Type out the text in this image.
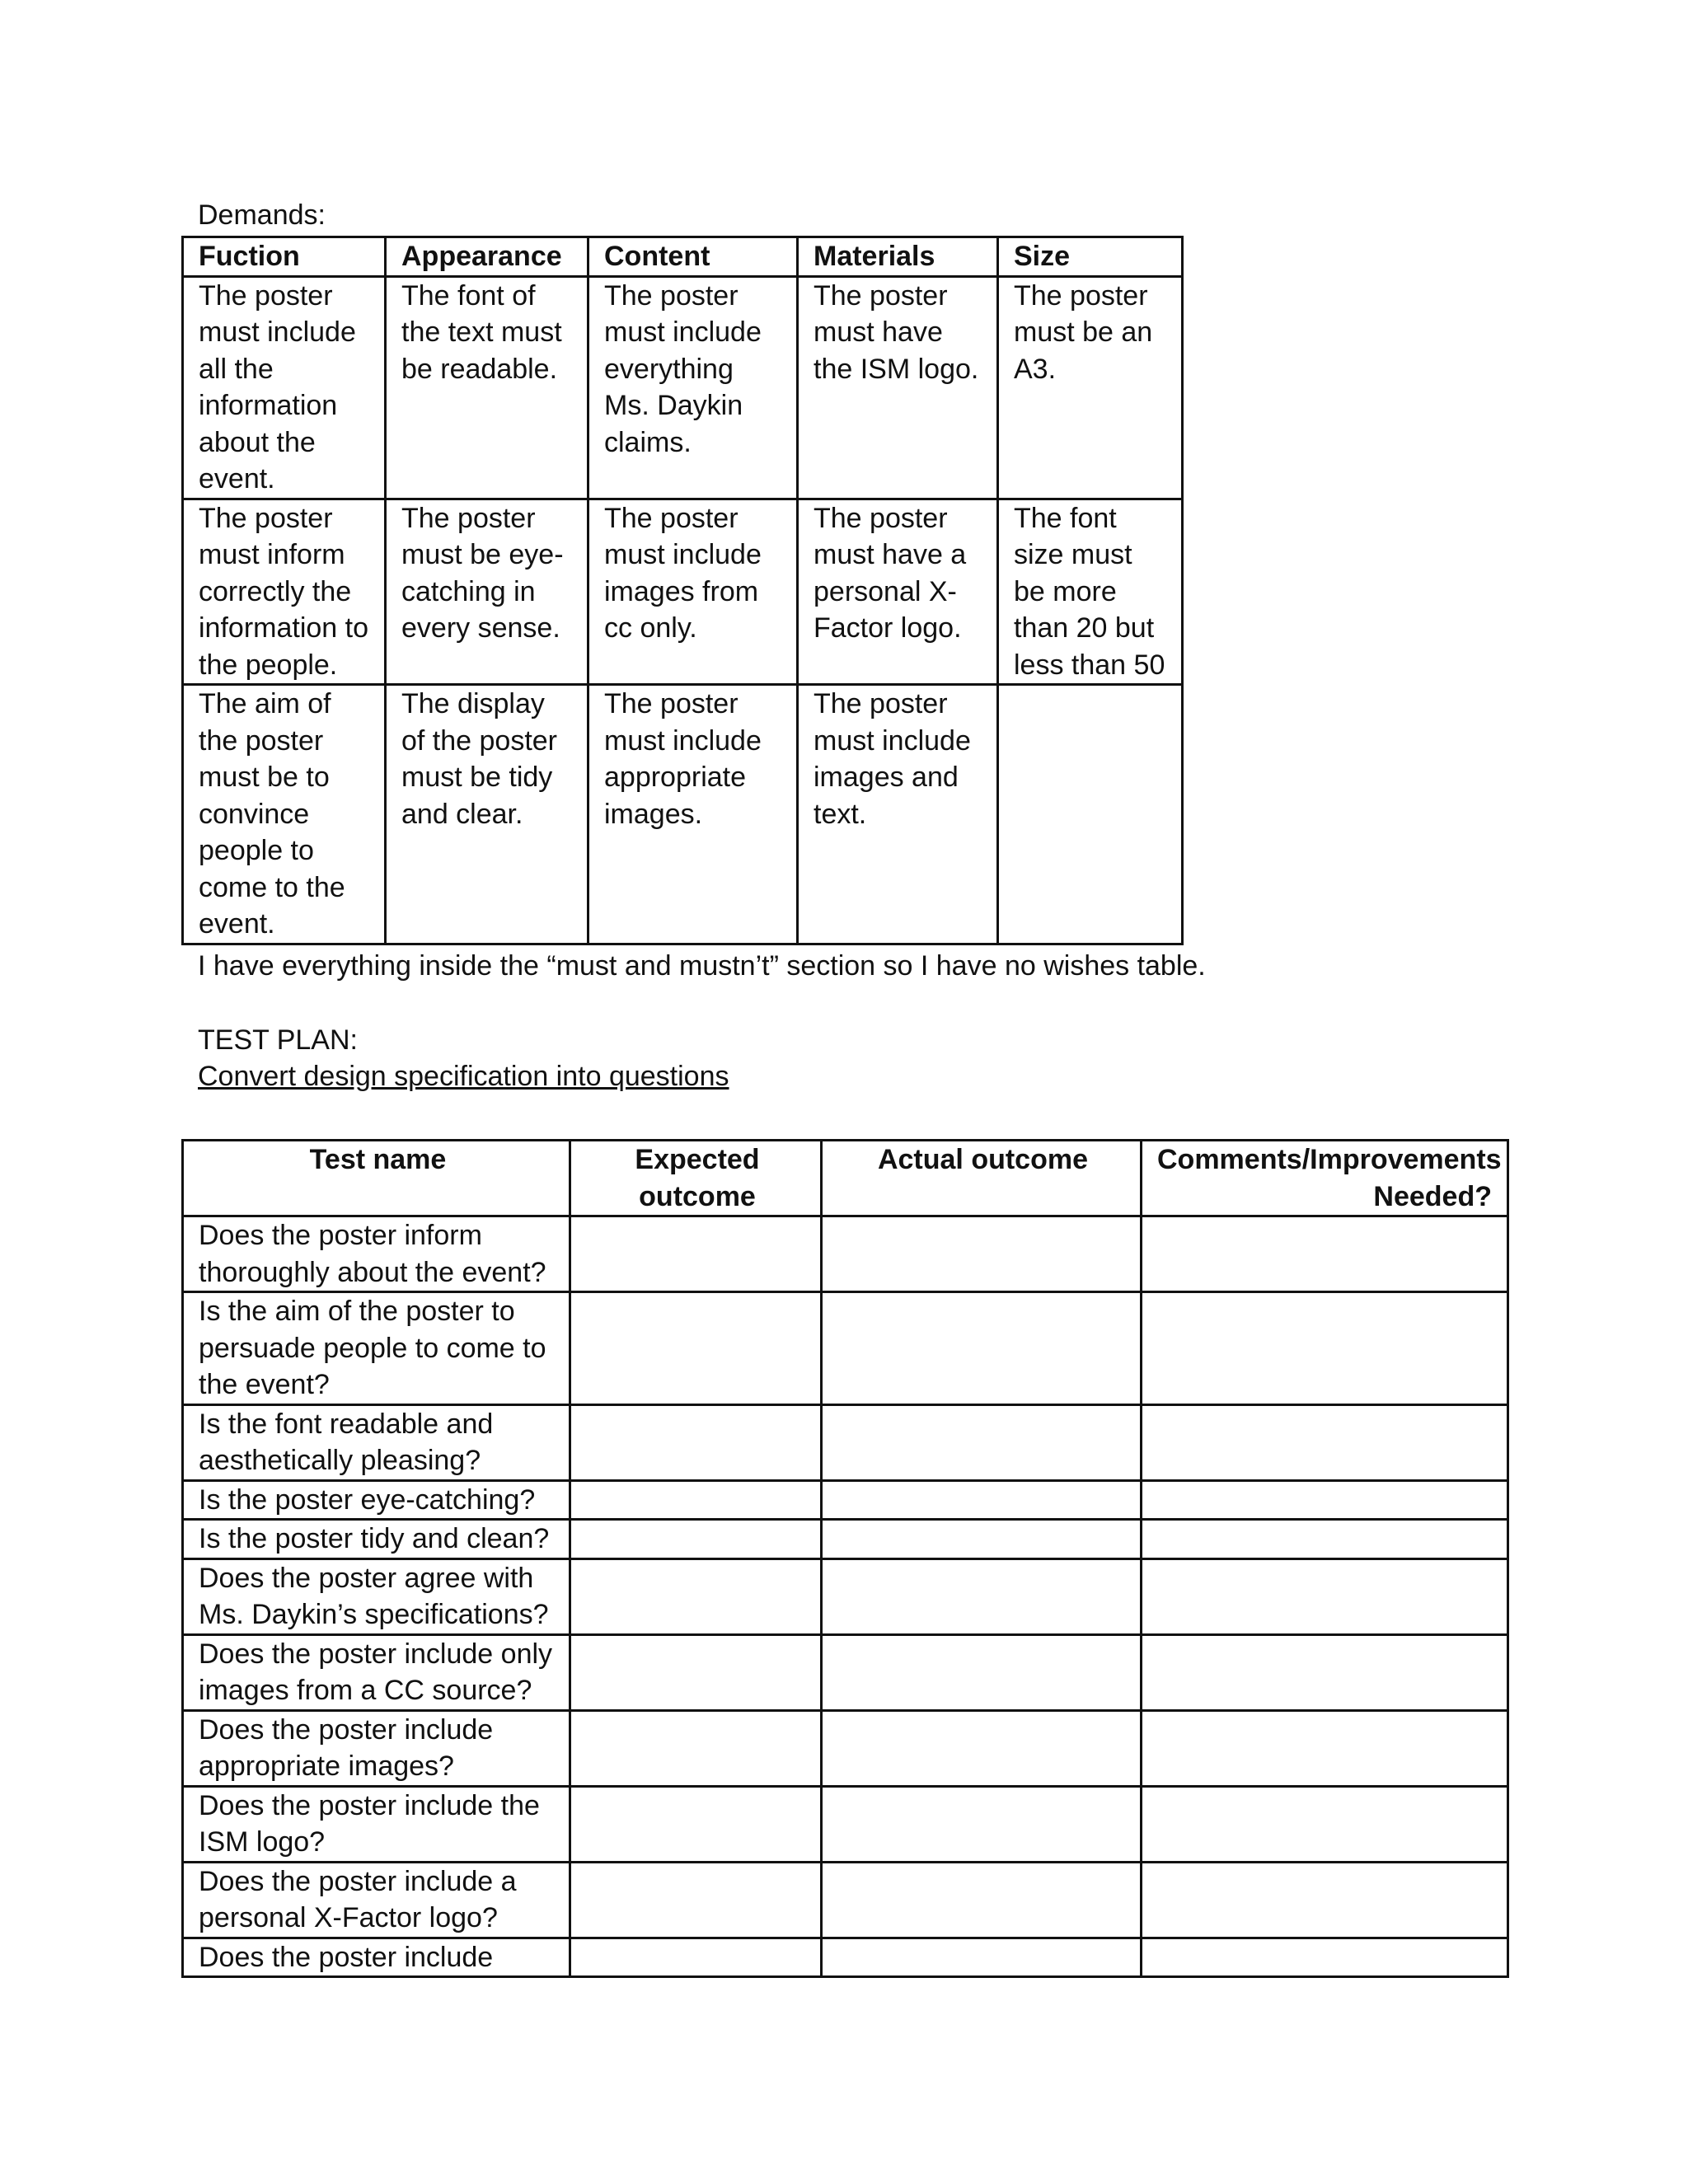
Demands:
Fuction	Appearance	Content	Materials	Size
The poster must include all the information about the event.	The font of the text must be readable.	The poster must include everything Ms. Daykin claims.	The poster must have the ISM logo.	The poster must be an A3.
The poster must inform correctly the information to the people.	The poster must be eye-catching in every sense.	The poster must include images from cc only.	The poster must have a personal X-Factor logo.	The font size must be more than 20 but less than 50
The aim of the poster must be to convince people to come to the event.	The display of the poster must be tidy and clear.	The poster must include appropriate images.	The poster must include images and text.	
I have everything inside the “must and mustn’t” section so I have no wishes table.
TEST PLAN:
Convert design specification into questions
Test name	Expected outcome	Actual outcome	Comments/Improvements Needed?
Does the poster inform thoroughly about the event?			
Is the aim of the poster to persuade people to come to the event?			
Is the font readable and aesthetically pleasing?			
Is the poster eye-catching?			
Is the poster tidy and clean?			
Does the poster agree with Ms. Daykin’s specifications?			
Does the poster include only images from a CC source?			
Does the poster include appropriate images?			
Does the poster include the ISM logo?			
Does the poster include a personal X-Factor logo?			
Does the poster include			
